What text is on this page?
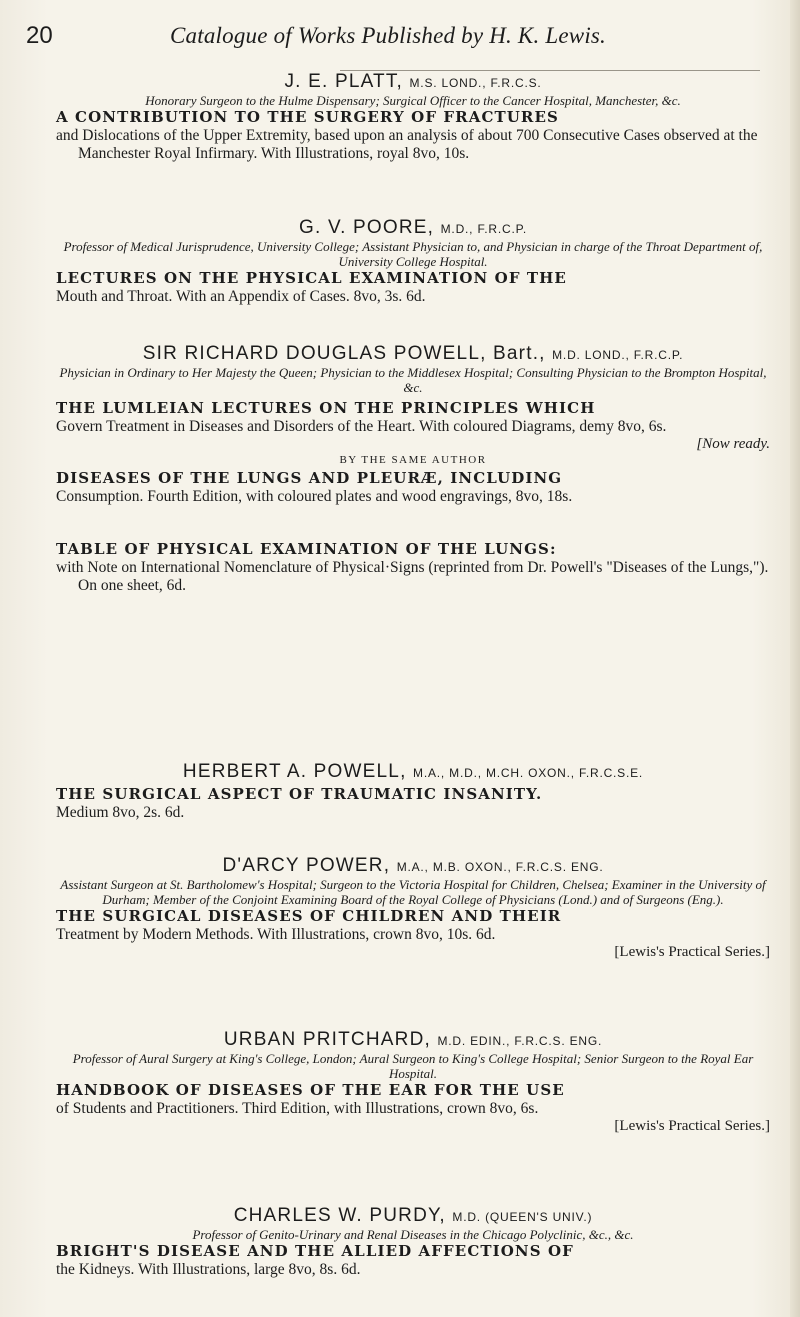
20	Catalogue of Works Published by H. K. Lewis.
J. E. PLATT, M.S. LOND., F.R.C.S.
Honorary Surgeon to the Hulme Dispensary; Surgical Officer to the Cancer Hospital, Manchester, &c.
A CONTRIBUTION TO THE SURGERY OF FRACTURES
and Dislocations of the Upper Extremity, based upon an analysis of about 700 Consecutive Cases observed at the Manchester Royal Infirmary. With Illustrations, royal 8vo, 10s.
G. V. POORE, M.D., F.R.C.P.
Professor of Medical Jurisprudence, University College; Assistant Physician to, and Physician in charge of the Throat Department of, University College Hospital.
LECTURES ON THE PHYSICAL EXAMINATION OF THE
Mouth and Throat. With an Appendix of Cases. 8vo, 3s. 6d.
SIR RICHARD DOUGLAS POWELL, Bart., M.D. LOND., F.R.C.P.
Physician in Ordinary to Her Majesty the Queen; Physician to the Middlesex Hospital; Consulting Physician to the Brompton Hospital, &c.
THE LUMLEIAN LECTURES ON THE PRINCIPLES WHICH
Govern Treatment in Diseases and Disorders of the Heart. With coloured Diagrams, demy 8vo, 6s.
[Now ready.
BY THE SAME AUTHOR
DISEASES OF THE LUNGS AND PLEURÆ, INCLUDING
Consumption. Fourth Edition, with coloured plates and wood engravings, 8vo, 18s.
TABLE OF PHYSICAL EXAMINATION OF THE LUNGS:
with Note on International Nomenclature of Physical·Signs (reprinted from Dr. Powell's "Diseases of the Lungs,"). On one sheet, 6d.
HERBERT A. POWELL, M.A., M.D., M.CH. OXON., F.R.C.S.E.
THE SURGICAL ASPECT OF TRAUMATIC INSANITY.
Medium 8vo, 2s. 6d.
D'ARCY POWER, M.A., M.B. OXON., F.R.C.S. ENG.
Assistant Surgeon at St. Bartholomew's Hospital; Surgeon to the Victoria Hospital for Children, Chelsea; Examiner in the University of Durham; Member of the Conjoint Examining Board of the Royal College of Physicians (Lond.) and of Surgeons (Eng.).
THE SURGICAL DISEASES OF CHILDREN AND THEIR
Treatment by Modern Methods. With Illustrations, crown 8vo, 10s. 6d.
[Lewis's Practical Series.]
URBAN PRITCHARD, M.D. EDIN., F.R.C.S. ENG.
Professor of Aural Surgery at King's College, London; Aural Surgeon to King's College Hospital; Senior Surgeon to the Royal Ear Hospital.
HANDBOOK OF DISEASES OF THE EAR FOR THE USE
of Students and Practitioners. Third Edition, with Illustrations, crown 8vo, 6s.
[Lewis's Practical Series.]
CHARLES W. PURDY, M.D. (QUEEN'S UNIV.)
Professor of Genito-Urinary and Renal Diseases in the Chicago Polyclinic, &c., &c.
BRIGHT'S DISEASE AND THE ALLIED AFFECTIONS OF
the Kidneys. With Illustrations, large 8vo, 8s. 6d.
